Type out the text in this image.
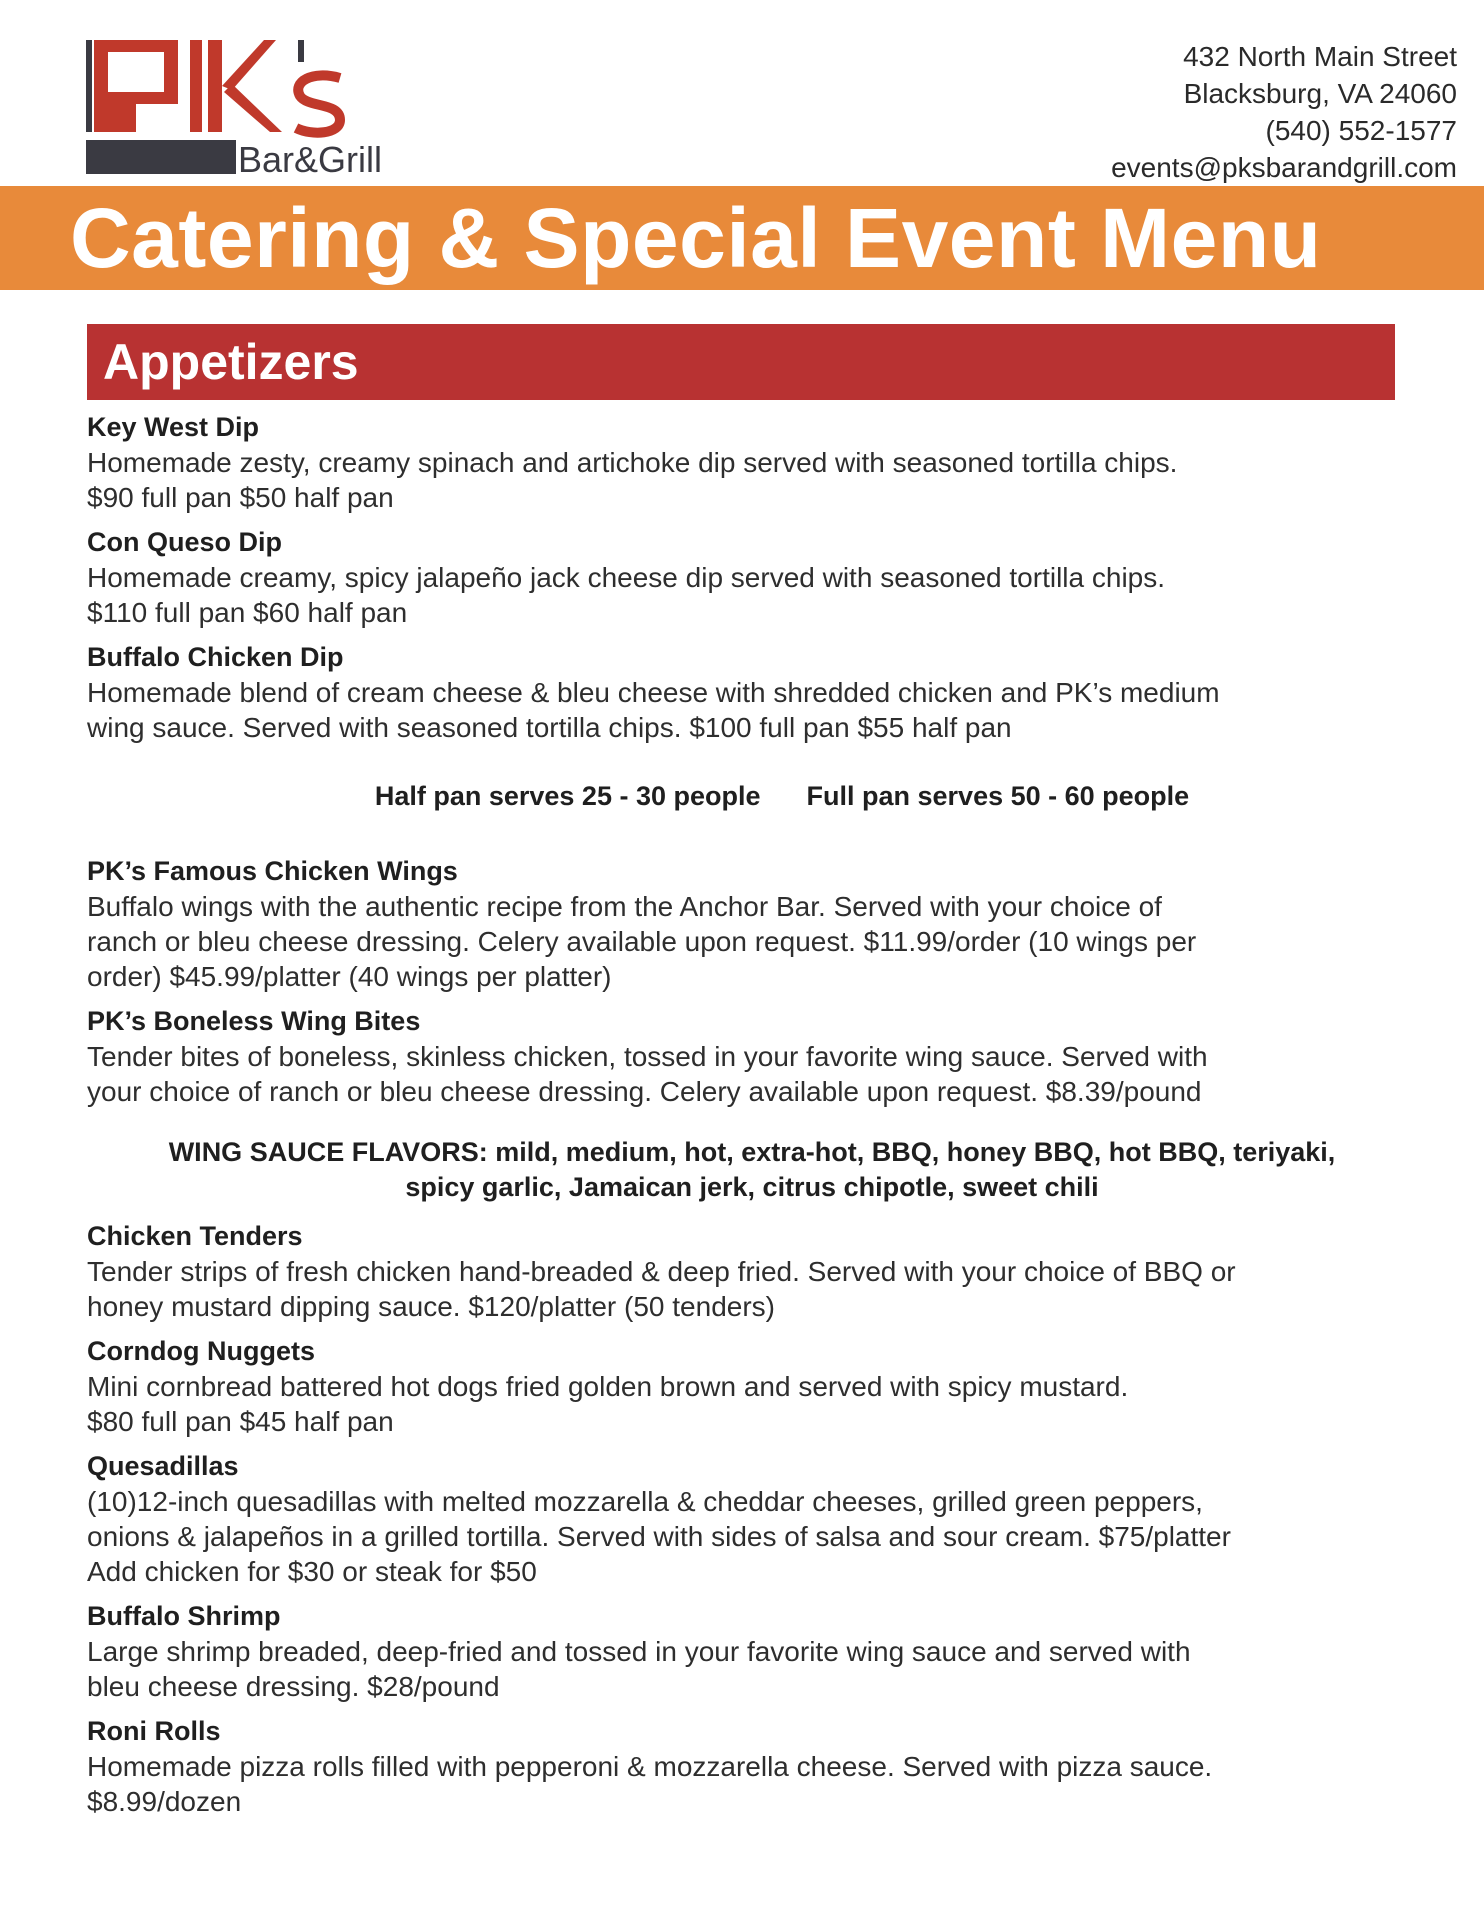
Bar&Grill
432 North Main Street
Blacksburg, VA 24060
(540) 552-1577
events@pksbarandgrill.com
Catering & Special Event Menu
Appetizers
Key West Dip

Homemade zesty, creamy spinach and artichoke dip served with seasoned tortilla chips.

$90 full pan $50 half pan

Con Queso Dip

Homemade creamy, spicy jalapeño jack cheese dip served with seasoned tortilla chips.

$110 full pan $60 half pan

Buffalo Chicken Dip

Homemade blend of cream cheese & bleu cheese with shredded chicken and PK’s medium

wing sauce. Served with seasoned tortilla chips. $100 full pan $55 half pan

Half pan serves 25 - 30 people Full pan serves 50 - 60 people
PK’s Famous Chicken Wings

Buffalo wings with the authentic recipe from the Anchor Bar. Served with your choice of

ranch or bleu cheese dressing. Celery available upon request. $11.99/order (10 wings per

order) $45.99/platter (40 wings per platter)

PK’s Boneless Wing Bites

Tender bites of boneless, skinless chicken, tossed in your favorite wing sauce. Served with

your choice of ranch or bleu cheese dressing. Celery available upon request. $8.39/pound

WING SAUCE FLAVORS: mild, medium, hot, extra-hot, BBQ, honey BBQ, hot BBQ, teriyaki,
spicy garlic, Jamaican jerk, citrus chipotle, sweet chili
Chicken Tenders

Tender strips of fresh chicken hand-breaded & deep fried. Served with your choice of BBQ or

honey mustard dipping sauce. $120/platter (50 tenders)

Corndog Nuggets

Mini cornbread battered hot dogs fried golden brown and served with spicy mustard.

$80 full pan $45 half pan

Quesadillas

(10)12-inch quesadillas with melted mozzarella & cheddar cheeses, grilled green peppers,

onions & jalapeños in a grilled tortilla. Served with sides of salsa and sour cream. $75/platter

Add chicken for $30 or steak for $50

Buffalo Shrimp

Large shrimp breaded, deep-fried and tossed in your favorite wing sauce and served with

bleu cheese dressing. $28/pound

Roni Rolls

Homemade pizza rolls filled with pepperoni & mozzarella cheese. Served with pizza sauce.

$8.99/dozen
